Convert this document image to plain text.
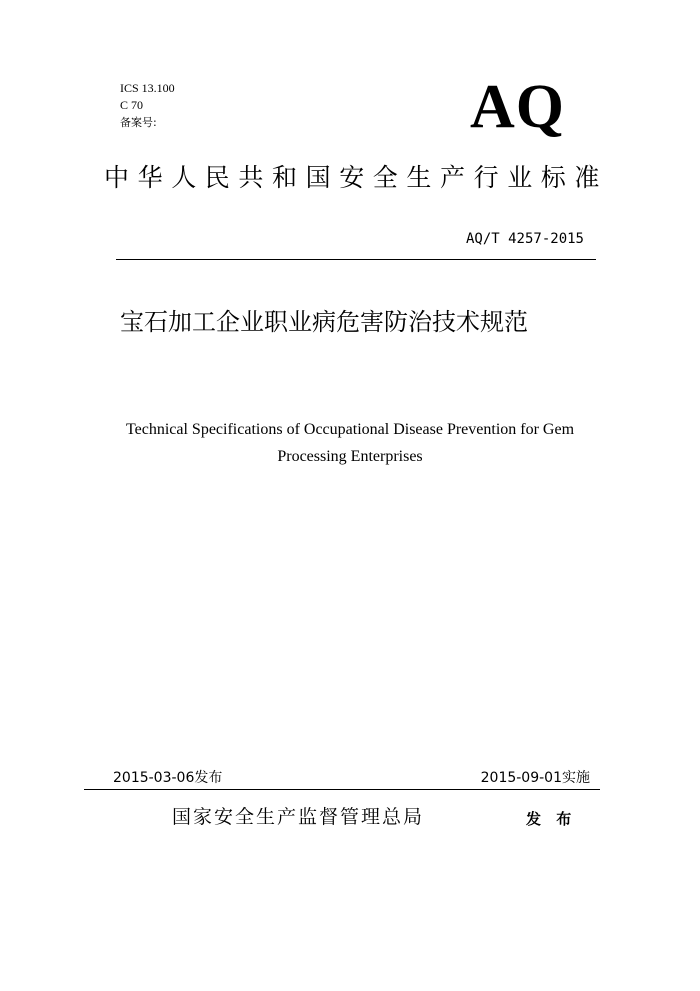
ICS 13.100
C 70
备案号:	AQ
中华人民共和国安全生产行业标准
AQ/T 4257-2015
宝石加工企业职业病危害防治技术规范
Technical Specifications of Occupational Disease Prevention for Gem
Processing Enterprises
2015-03-06发布	2015-09-01实施
国家安全生产监督管理总局	发 布
